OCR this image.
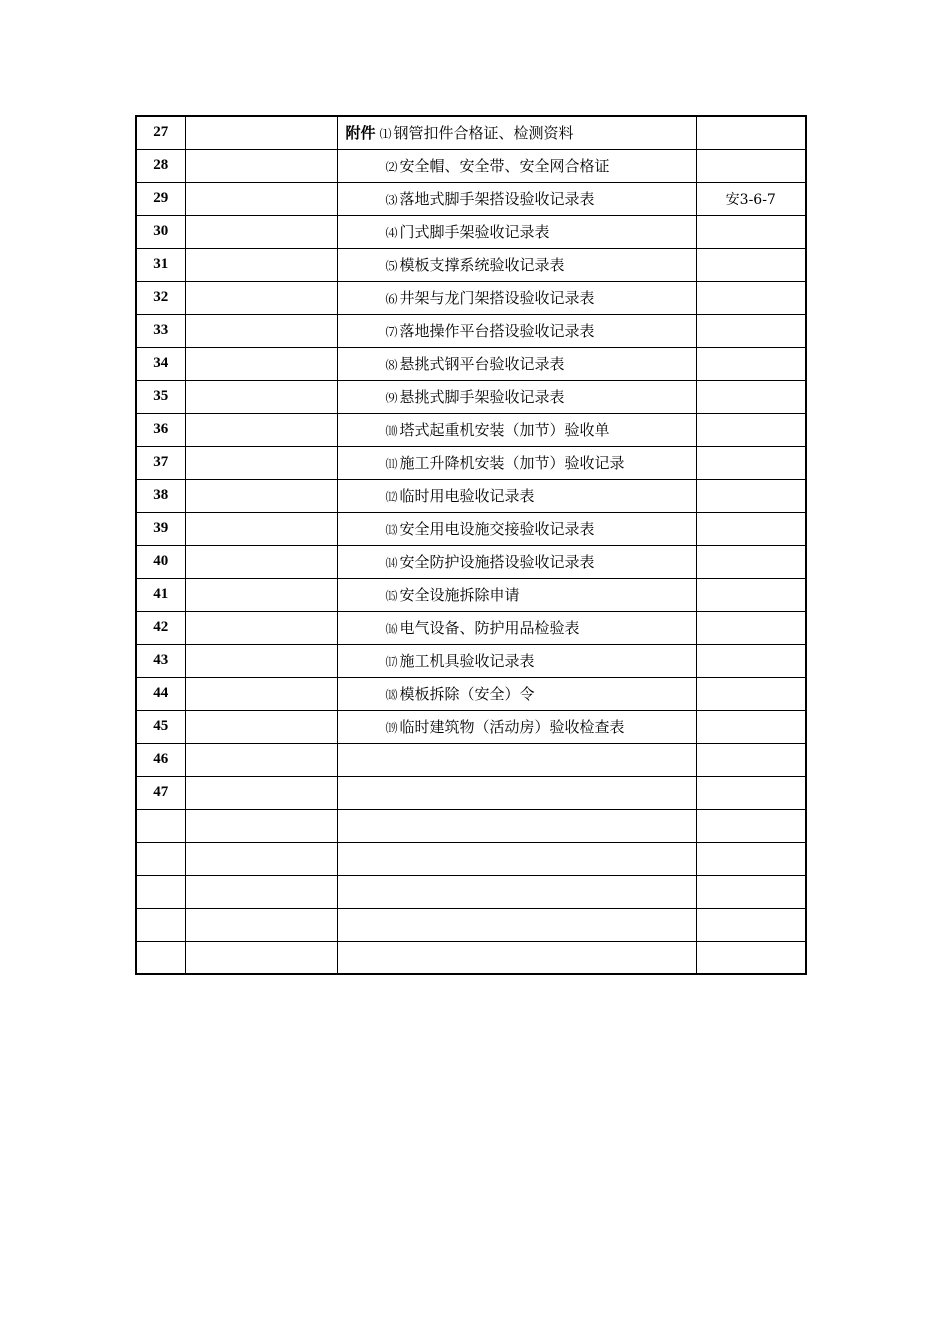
27		附件 ⑴ 钢管扣件合格证、检测资料	
28		⑵ 安全帽、安全带、安全网合格证	
29		⑶ 落地式脚手架搭设验收记录表	安3-6-7
30		⑷ 门式脚手架验收记录表	
31		⑸ 模板支撑系统验收记录表	
32		⑹ 井架与龙门架搭设验收记录表	
33		⑺ 落地操作平台搭设验收记录表	
34		⑻ 悬挑式钢平台验收记录表	
35		⑼ 悬挑式脚手架验收记录表	
36		⑽ 塔式起重机安装（加节）验收单	
37		⑾ 施工升降机安装（加节）验收记录	
38		⑿ 临时用电验收记录表	
39		⒀ 安全用电设施交接验收记录表	
40		⒁ 安全防护设施搭设验收记录表	
41		⒂ 安全设施拆除申请	
42		⒃ 电气设备、防护用品检验表	
43		⒄ 施工机具验收记录表	
44		⒅ 模板拆除（安全）令	
45		⒆ 临时建筑物（活动房）验收检查表	
46			
47			
